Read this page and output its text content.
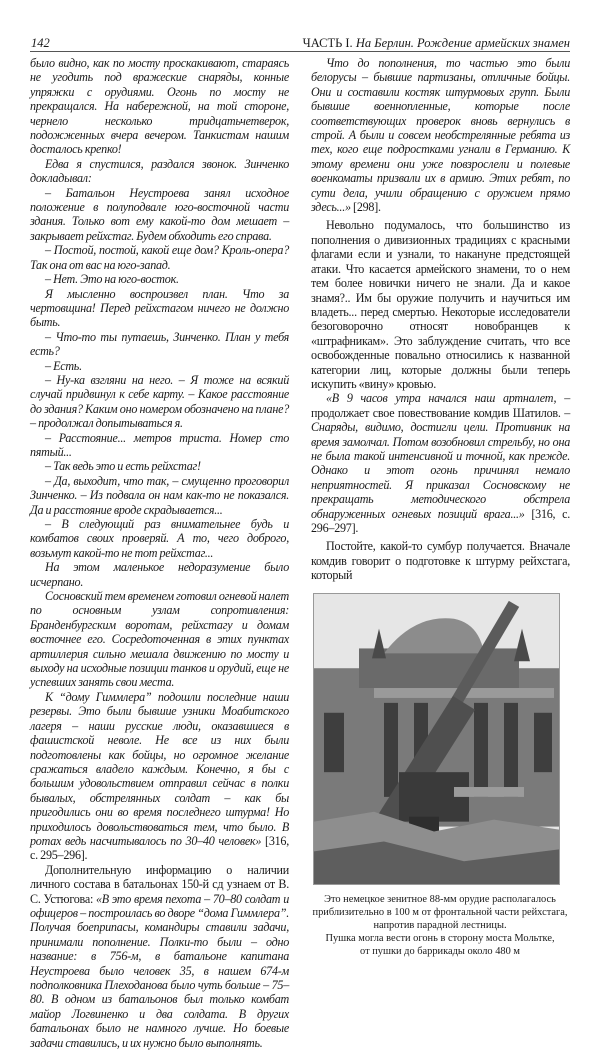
142	ЧАСТЬ I. На Берлин. Рождение армейских знамен

было видно, как по мосту проскакивают, стараясь не угодить под вражеские снаряды, конные упряжки с орудиями. Огонь по мосту не прекращался. На набережной, на той стороне, чернело несколько тридцатьчетверок, подожженных вчера вечером. Танкистам нашим досталось крепко!

Едва я спустился, раздался звонок. Зинченко докладывал:

– Батальон Неустроева занял исходное положение в полуподвале юго-восточной части здания. Только вот ему какой-то дом мешает – закрывает рейхстаг. Будем обходить его справа.

– Постой, постой, какой еще дом? Кроль-опера? Так она от вас на юго-запад.

– Нет. Это на юго-восток.

Я мысленно воспроизвел план. Что за чертовщина! Перед рейхстагом ничего не должно быть.

– Что-то ты путаешь, Зинченко. План у тебя есть?

– Есть.

– Ну-ка взгляни на него. – Я тоже на всякий случай придвинул к себе карту. – Какое расстояние до здания? Каким оно номером обозначено на плане? – продолжал допытываться я.

– Расстояние... метров триста. Номер сто пятый...

– Так ведь это и есть рейхстаг!

– Да, выходит, что так, – смущенно проговорил Зинченко. – Из подвала он нам как-то не показался. Да и расстояние вроде скрадывается...

– В следующий раз внимательнее будь и комбатов своих проверяй. А то, чего доброго, возьмут какой-то не тот рейхстаг...

На этом маленькое недоразумение было исчерпано.

Сосновский тем временем готовил огневой налет по основным узлам сопротивления: Бранденбургским воротам, рейхстагу и домам восточнее его. Сосредоточенная в этих пунктах артиллерия сильно мешала движению по мосту и выходу на исходные позиции танков и орудий, еще не успевших занять свои места.

К “дому Гиммлера” подошли последние наши резервы. Это были бывшие узники Моабитского лагеря – наши русские люди, оказавшиеся в фашистской неволе. Не все из них были подготовлены как бойцы, но огромное желание сражаться владело каждым. Конечно, я бы с большим удовольствием отправил сейчас в полки бывалых, обстрелянных солдат – как бы пригодились они во время последнего штурма! Но приходилось довольствоваться тем, что было. В ротах ведь насчитывалось по 30–40 человек» [316, с. 295–296].

Дополнительную информацию о наличии личного состава в батальонах 150-й сд узнаем от В. С. Устюгова: «В это время пехота – 70–80 солдат и офицеров – построилась во дворе “дома Гиммлера”. Получая боеприпасы, командиры ставили задачи, принимали пополнение. Полки-то были – одно название: в 756-м, в батальоне капитана Неустроева было человек 35, в нашем 674-м подполковника Плеходанова было чуть больше – 75–80. В одном из батальонов был только комбат майор Логвиненко и два солдата. В других батальонах было не намного лучше. Но боевые задачи ставились, и их нужно было выполнять.

Что до пополнения, то частью это были белорусы – бывшие партизаны, отличные бойцы. Они и составили костяк штурмовых групп. Были бывшие военнопленные, которые после соответствующих проверок вновь вернулись в строй. А были и совсем необстрелянные ребята из тех, кого еще подростками угнали в Германию. К этому времени они уже повзрослели и полевые военкоматы призвали их в армию. Этих ребят, по сути дела, учили обращению с оружием прямо здесь...» [298].

Невольно подумалось, что большинство из пополнения о дивизионных традициях с красными флагами если и узнали, то накануне предстоящей атаки. Что касается армейского знамени, то о нем тем более новички ничего не знали. Да и какое знамя?.. Им бы оружие получить и научиться им владеть... перед смертью. Некоторые исследователи безоговорочно относят новобранцев к «штрафникам». Это заблуждение считать, что все освобожденные повально относились к названной категории лиц, которые должны были теперь искупить «вину» кровью.

«В 9 часов утра начался наш артналет, – продолжает свое повествование комдив Шатилов. – Снаряды, видимо, достигли цели. Противник на время замолчал. Потом возобновил стрельбу, но она не была такой интенсивной и точной, как прежде. Однако и этот огонь причинял немало неприятностей. Я приказал Сосновскому не прекращать методического обстрела обнаруженных огневых позиций врага...» [316, с. 296–297].

Постойте, какой-то сумбур получается. Вначале комдив говорит о подготовке к штурму рейхстага, который

Это немецкое зенитное 88-мм орудие располагалось
приблизительно в 100 м от фронтальной части рейхстага,
напротив парадной лестницы.
Пушка могла вести огонь в сторону моста Мольтке,
от пушки до баррикады около 480 м
